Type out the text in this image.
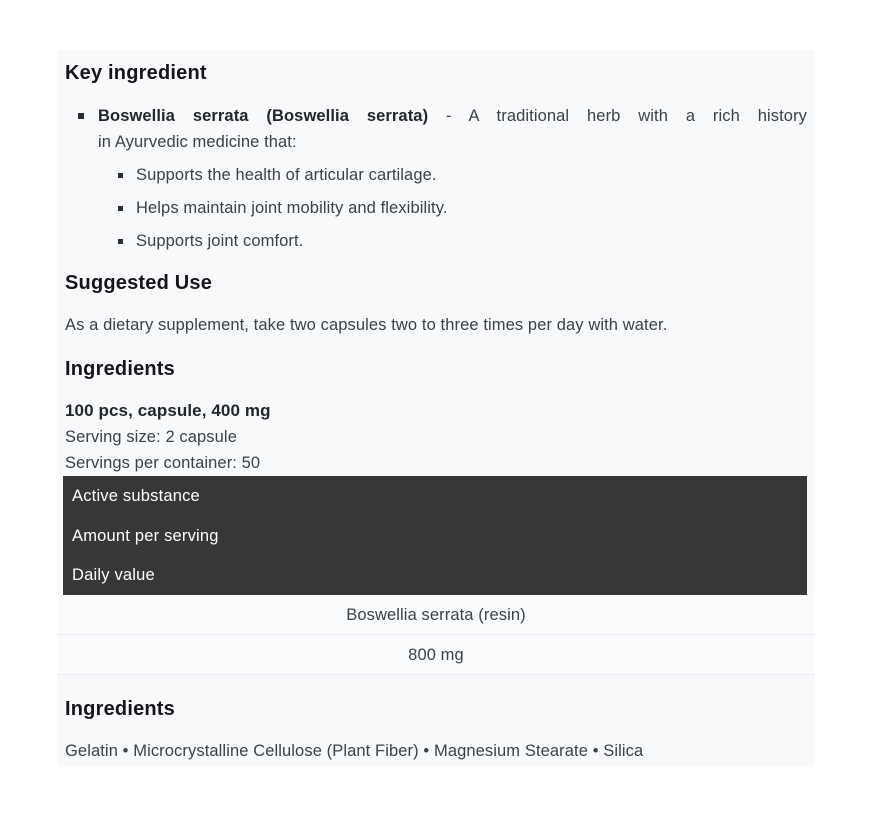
Key ingredient
Boswellia serrata (Boswellia serrata) - A traditional herb with a rich history
in Ayurvedic medicine that:
Supports the health of articular cartilage.
Helps maintain joint mobility and flexibility.
Supports joint comfort.
Suggested Use
As a dietary supplement, take two capsules two to three times per day with water.
Ingredients
100 pcs, capsule, 400 mg
Serving size: 2 capsule
Servings per container: 50
Active substance
Amount per serving
Daily value
Boswellia serrata (resin)
800 mg
Ingredients
Gelatin • Microcrystalline Cellulose (Plant Fiber) • Magnesium Stearate • Silica
